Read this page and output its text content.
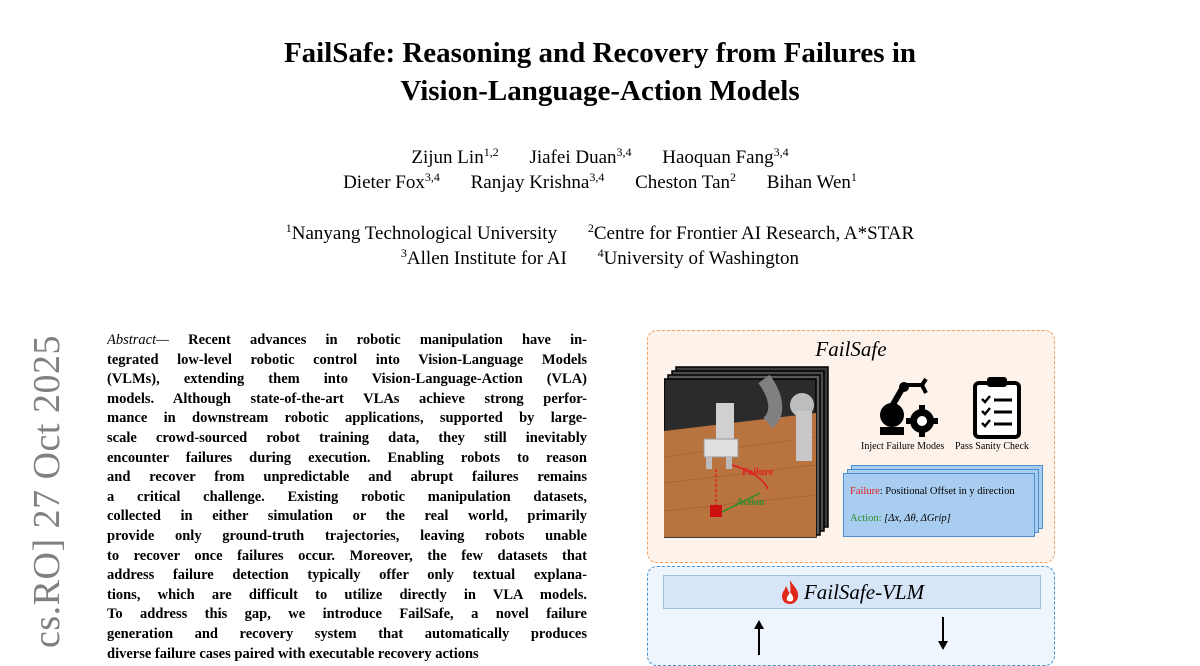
FailSafe: Reasoning and Recovery from Failures in
Vision-Language-Action Models
Zijun Lin$^{1,2}$ Jiafei Duan$^{3,4}$ Haoquan Fang$^{3,4}$
Dieter Fox$^{3,4}$ Ranjay Krishna$^{3,4}$ Cheston Tan$^2$ Bihan Wen$^1$
$^1$Nanyang Technological University	$^2$Centre for Frontier AI Research, A*STAR
$^3$Allen Institute for AI	$^4$University of Washington
cs.RO] 27 Oct 2025	Abstract— Recent advances in robotic manipulation have in-
tegrated low-level robotic control into Vision-Language Models
(VLMs), extending them into Vision-Language-Action (VLA)
models. Although state-of-the-art VLAs achieve strong perfor-
mance in downstream robotic applications, supported by large-
scale crowd-sourced robot training data, they still inevitably
encounter failures during execution. Enabling robots to reason
and recover from unpredictable and abrupt failures remains
a critical challenge. Existing robotic manipulation datasets,
collected in either simulation or the real world, primarily
provide only ground-truth trajectories, leaving robots unable
to recover once failures occur. Moreover, the few datasets that
address failure detection typically offer only textual explana-
tions, which are difficult to utilize directly in VLA models.
To address this gap, we introduce FailSafe, a novel failure
generation and recovery system that automatically produces
diverse failure cases paired with executable recovery actions
FailSafe
Failure
Action
Inject Failure Modes Pass Sanity Check
Failure: Positional Offset in y direction
Action: [Δx, Δθ, ΔGrip]
FailSafe-VLM
